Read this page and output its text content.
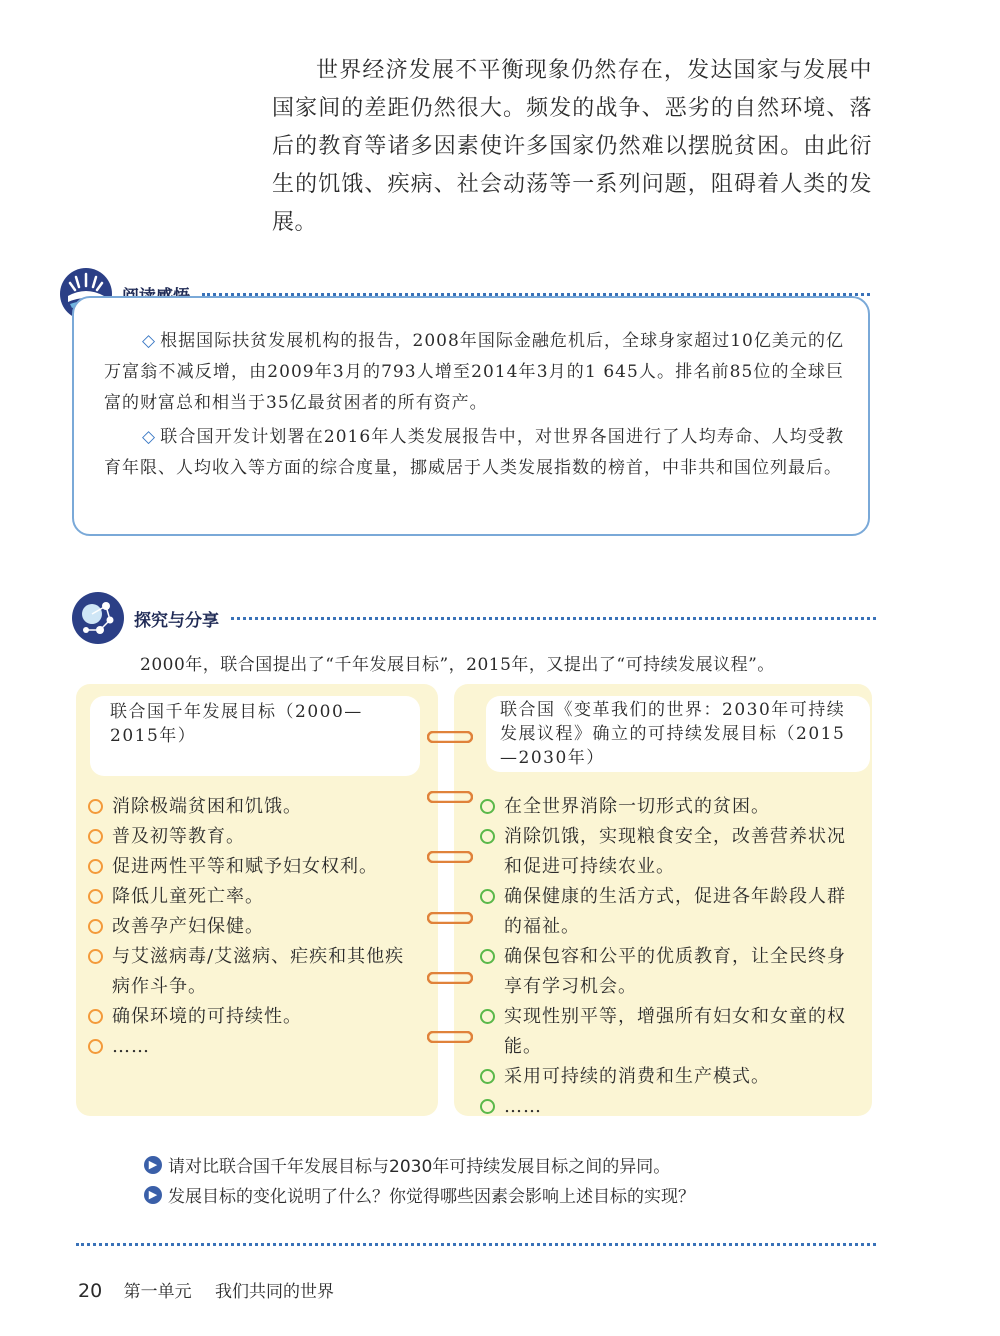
世界经济发展不平衡现象仍然存在，发达国家与发展中国家间的差距仍然很大。频发的战争、恶劣的自然环境、落后的教育等诸多因素使许多国家仍然难以摆脱贫困。由此衍生的饥饿、疾病、社会动荡等一系列问题，阻碍着人类的发展。

◇ 根据国际扶贫发展机构的报告，2008年国际金融危机后，全球身家超过10亿美元的亿万富翁不减反增，由2009年3月的793人增至2014年3月的1 645人。排名前85位的全球巨富的财富总和相当于35亿最贫困者的所有资产。

◇ 联合国开发计划署在2016年人类发展报告中，对世界各国进行了人均寿命、人均受教育年限、人均收入等方面的综合度量，挪威居于人类发展指数的榜首，中非共和国位列最后。

探究与分享
2000年，联合国提出了“千年发展目标”，2015年，又提出了“可持续发展议程”。
联合国千年发展目标（2000—2015年）
联合国《变革我们的世界：2030年可持续发展议程》确立的可持续发展目标（2015—2030年）
消除极端贫困和饥饿。
普及初等教育。
促进两性平等和赋予妇女权利。
降低儿童死亡率。
改善孕产妇保健。
与艾滋病毒/艾滋病、疟疾和其他疾病作斗争。
确保环境的可持续性。
……
在全世界消除一切形式的贫困。
消除饥饿，实现粮食安全，改善营养状况和促进可持续农业。
确保健康的生活方式，促进各年龄段人群的福祉。
确保包容和公平的优质教育，让全民终身享有学习机会。
实现性别平等，增强所有妇女和女童的权能。
采用可持续的消费和生产模式。
……
▶ 请对比联合国千年发展目标与2030年可持续发展目标之间的异同。
▶ 发展目标的变化说明了什么？你觉得哪些因素会影响上述目标的实现？
20 第一单元 我们共同的世界
